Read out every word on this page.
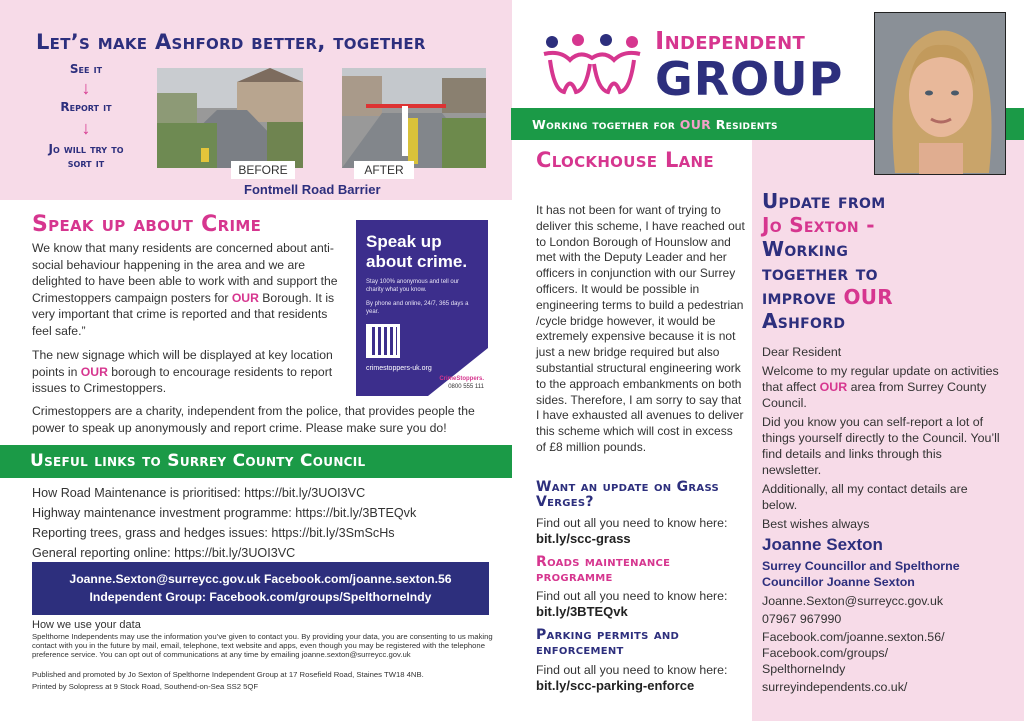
Let’s make Ashford better, together
See it
↓
Report it
↓
Jo will try to sort it	BEFORE	AFTER
Fontmell Road Barrier
Speak up about Crime
We know that many residents are concerned about anti-social behaviour happening in the area and we are delighted to have been able to work with and support the Crimestoppers campaign posters for OUR Borough. It is very important that crime is reported and that residents feel safe.”
The new signage which will be displayed at key location points in OUR borough to encourage residents to report issues to Crimestoppers.
Crimestoppers are a charity, independent from the police, that provides people the power to speak up anonymously and report crime. Please make sure you do!
Speak up about crime.
Stay 100% anonymous and tell our charity what you know.
By phone and online, 24/7, 365 days a year.
crimestoppers-uk.org
CrimeStoppers.
0800 555 111
Useful links to Surrey County Council
How Road Maintenance is prioritised: https://bit.ly/3UOI3VC
Highway maintenance investment programme: https://bit.ly/3BTEQvk
Reporting trees, grass and hedges issues: https://bit.ly/3SmScHs
General reporting online: https://bit.ly/3UOI3VC
Joanne.Sexton@surreycc.gov.uk Facebook.com/joanne.sexton.56
Independent Group: Facebook.com/groups/SpelthorneIndy
How we use your data
Spelthorne Independents may use the information you’ve given to contact you. By providing your data, you are consenting to us making contact with you in the future by mail, email, telephone, text website and apps, even though you may be registered with the telephone preference service. You can opt out of communications at any time by emailing joanne.sexton@surreycc.gov.uk
Published and promoted by Jo Sexton of Spelthorne Independent Group at 17 Rosefield Road, Staines TW18 4NB.
Printed by Solopress at 9 Stock Road, Southend-on-Sea SS2 5QF
Independent
GROUP
Working together for OUR Residents
Clockhouse Lane
It has not been for want of trying to deliver this scheme, I have reached out to London Borough of Hounslow and met with the Deputy Leader and her officers in conjunction with our Surrey officers. It would be possible in engineering terms to build a pedestrian /cycle bridge however, it would be extremely expensive because it is not just a new bridge required but also substantial structural engineering work to the approach embankments on both sides. Therefore, I am sorry to say that I have exhausted all avenues to deliver this scheme which will cost in excess of £8 million pounds.
Want an update on Grass Verges?
Find out all you need to know here:
bit.ly/scc-grass
Roads maintenance programme
Find out all you need to know here:
bit.ly/3BTEQvk
Parking permits and enforcement
Find out all you need to know here:
bit.ly/scc-parking-enforce
Update from
Jo Sexton -
Working
together to
improve OUR
Ashford
Dear Resident
Welcome to my regular update on activities that affect OUR area from Surrey County Council.
Did you know you can self-report a lot of things yourself directly to the Council. You’ll find details and links through this newsletter.
Additionally, all my contact details are below.
Best wishes always
Joanne Sexton
Surrey Councillor and Spelthorne Councillor Joanne Sexton
Joanne.Sexton@surreycc.gov.uk
07967 967990
Facebook.com/joanne.sexton.56/
Facebook.com/groups/
SpelthorneIndy
surreyindependents.co.uk/
